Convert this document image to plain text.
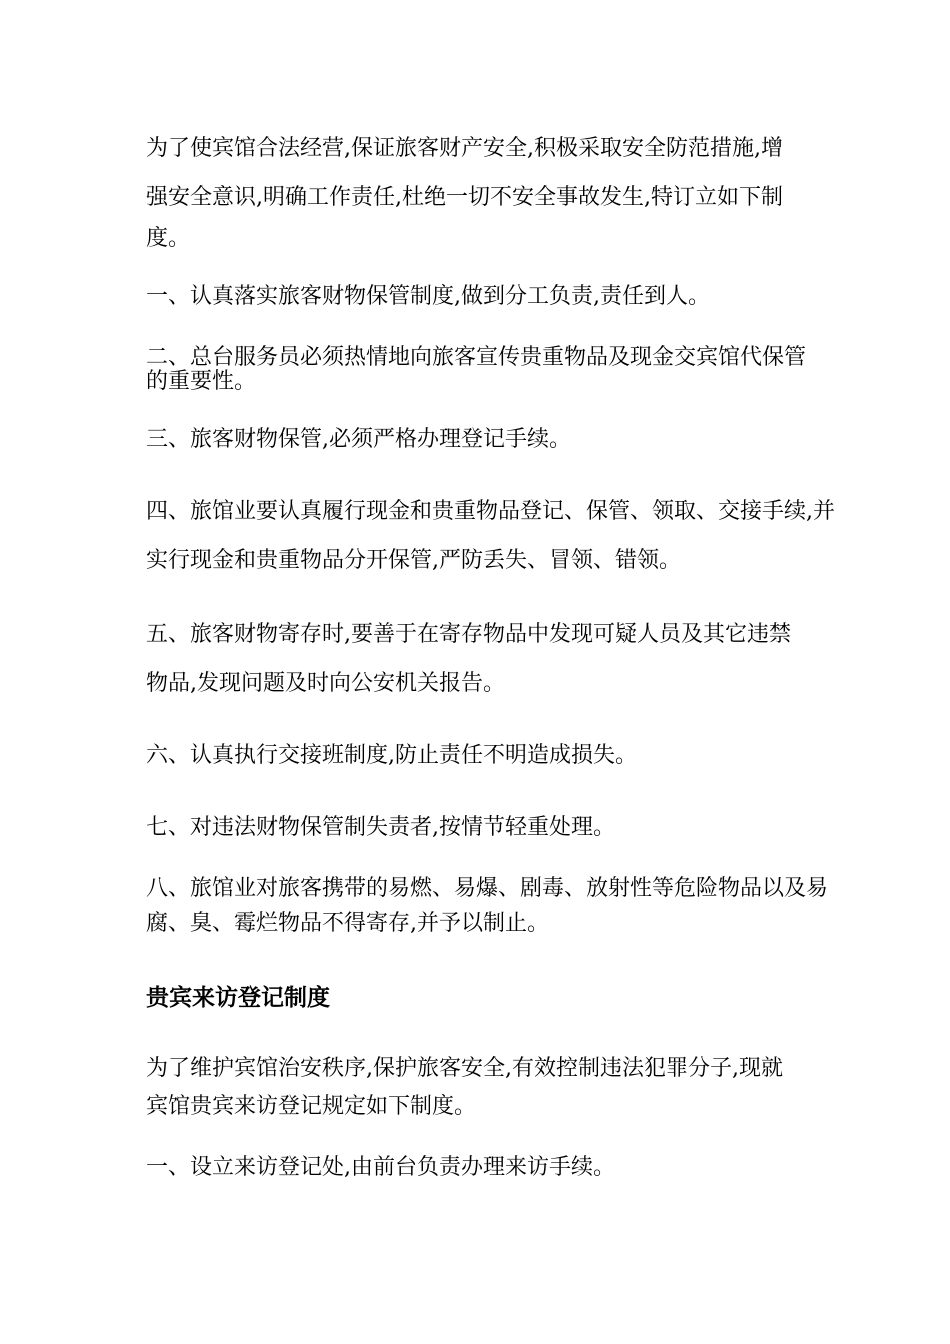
为了使宾馆合法经营,保证旅客财产安全,积极采取安全防范措施,增

强安全意识,明确工作责任,杜绝一切不安全事故发生,特订立如下制

度。

一、认真落实旅客财物保管制度,做到分工负责,责任到人。

二、总台服务员必须热情地向旅客宣传贵重物品及现金交宾馆代保管

的重要性。

三、旅客财物保管,必须严格办理登记手续。

四、旅馆业要认真履行现金和贵重物品登记、保管、领取、交接手续,并

实行现金和贵重物品分开保管,严防丢失、冒领、错领。

五、旅客财物寄存时,要善于在寄存物品中发现可疑人员及其它违禁

物品,发现问题及时向公安机关报告。

六、认真执行交接班制度,防止责任不明造成损失。

七、对违法财物保管制失责者,按情节轻重处理。

八、旅馆业对旅客携带的易燃、易爆、剧毒、放射性等危险物品以及易

腐、臭、霉烂物品不得寄存,并予以制止。

贵宾来访登记制度

为了维护宾馆治安秩序,保护旅客安全,有效控制违法犯罪分子,现就

宾馆贵宾来访登记规定如下制度。

一、设立来访登记处,由前台负责办理来访手续。
